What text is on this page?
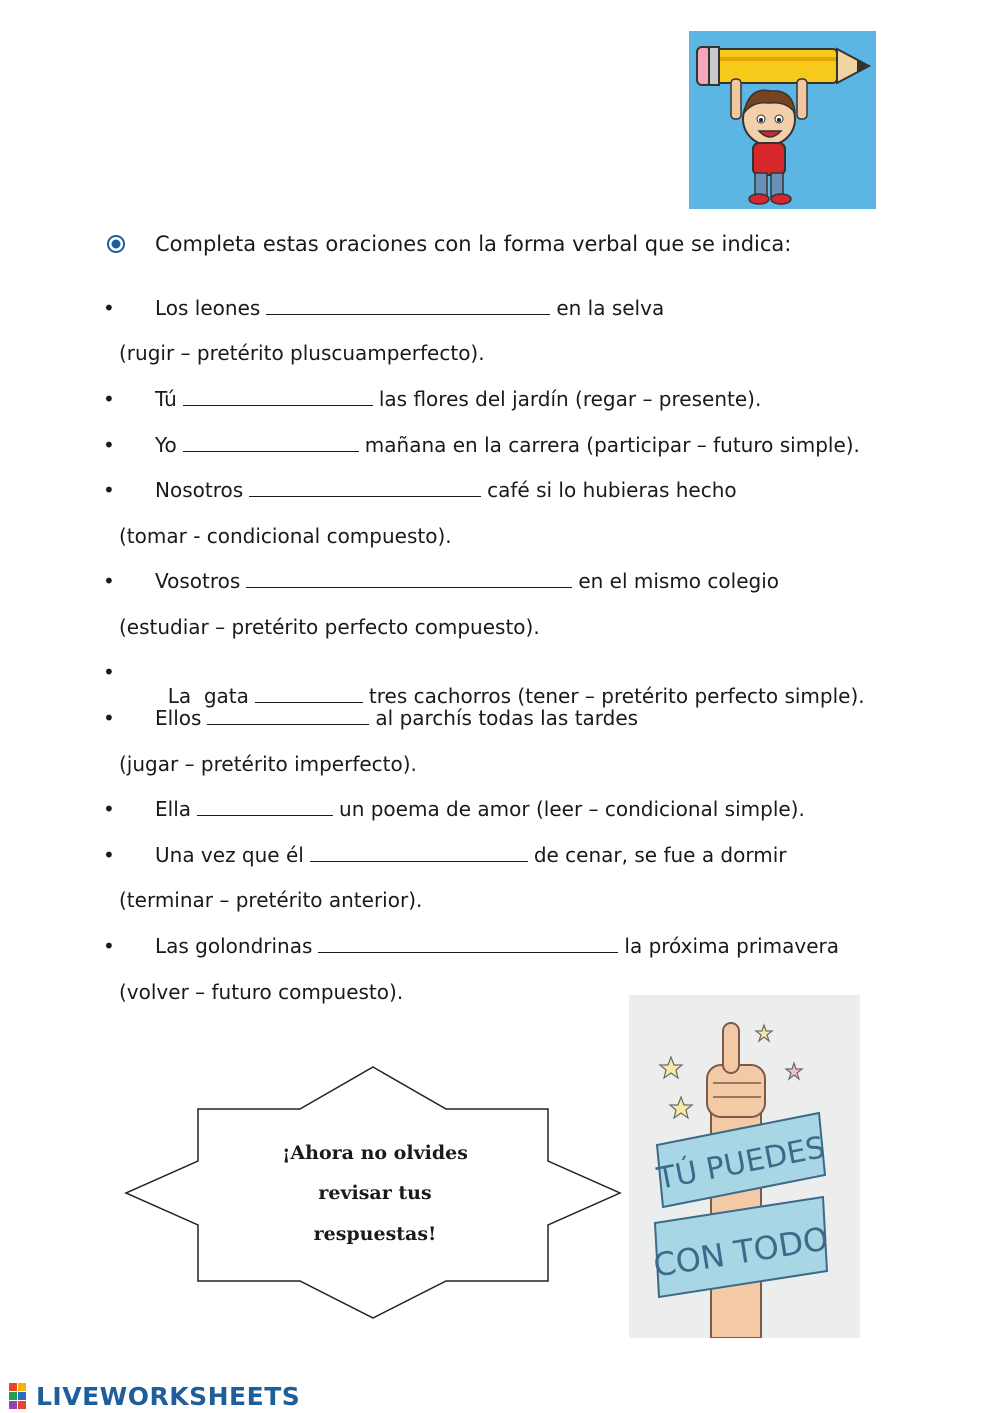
Completa estas oraciones con la forma verbal que se indica:
• Los leones	en la selva
(rugir – pretérito pluscuamperfecto).
• Tú	las flores del jardín (regar – presente).
• Yo	mañana en la carrera (participar – futuro simple).
• Nosotros	café si lo hubieras hecho
(tomar - condicional compuesto).
• Vosotros	en el mismo colegio
(estudiar – pretérito perfecto compuesto).
•

La  gata	tres cachorros (tener – pretérito perfecto simple).

• Ellos	al parchís todas las tardes
(jugar – pretérito imperfecto).
• Ella	un poema de amor (leer – condicional simple).
• Una vez que él	de cenar, se fue a dormir
(terminar – pretérito anterior).
• Las golondrinas	la próxima primavera
(volver – futuro compuesto).
¡Ahora no olvides
revisar tus
respuestas!
TÚ PUEDES
CON TODO
LIVEWORKSHEETS
